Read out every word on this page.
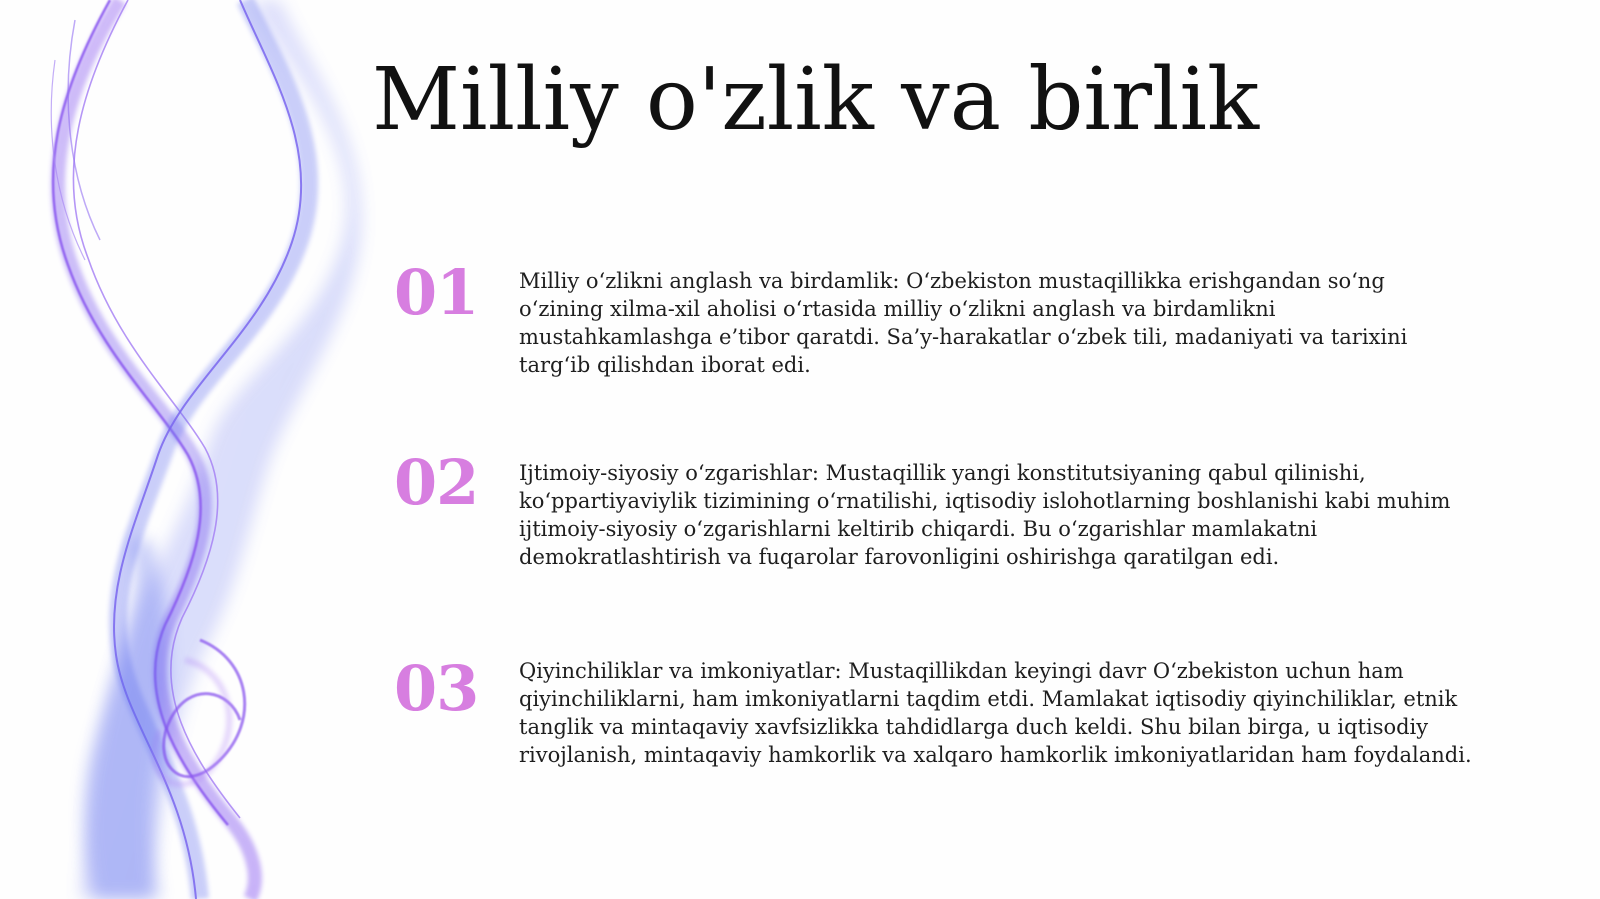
Milliy o'zlik va birlik
01 Milliy o‘zlikni anglash va birdamlik: O‘zbekiston mustaqillikka erishgandan so‘ng o‘zining xilma-xil aholisi o‘rtasida milliy o‘zlikni anglash va birdamlikni mustahkamlashga e’tibor qaratdi. Sa’y-harakatlar o‘zbek tili, madaniyati va tarixini targ‘ib qilishdan iborat edi.
02 Ijtimoiy-siyosiy o‘zgarishlar: Mustaqillik yangi konstitutsiyaning qabul qilinishi, ko‘ppartiyaviylik tizimining o‘rnatilishi, iqtisodiy islohotlarning boshlanishi kabi muhim ijtimoiy-siyosiy o‘zgarishlarni keltirib chiqardi. Bu o‘zgarishlar mamlakatni demokratlashtirish va fuqarolar farovonligini oshirishga qaratilgan edi.
03 Qiyinchiliklar va imkoniyatlar: Mustaqillikdan keyingi davr O‘zbekiston uchun ham qiyinchiliklarni, ham imkoniyatlarni taqdim etdi. Mamlakat iqtisodiy qiyinchiliklar, etnik tanglik va mintaqaviy xavfsizlikka tahdidlarga duch keldi. Shu bilan birga, u iqtisodiy rivojlanish, mintaqaviy hamkorlik va xalqaro hamkorlik imkoniyatlaridan ham foydalandi.
